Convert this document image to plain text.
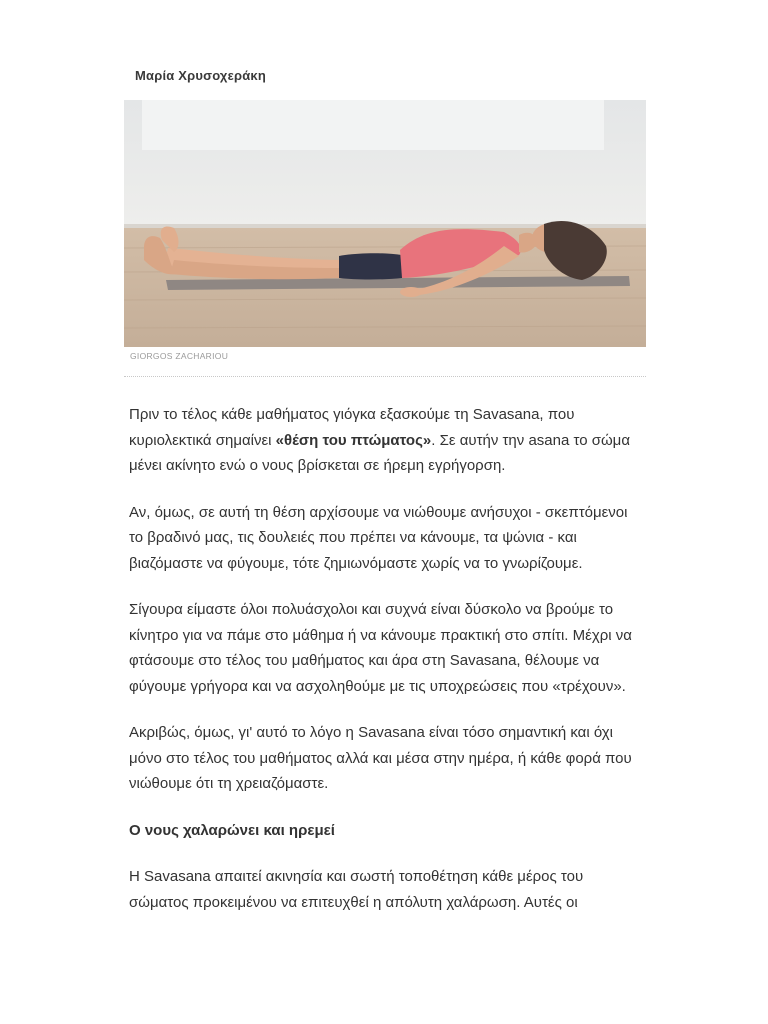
Μαρία Χρυσοχεράκη

GIORGOS ZACHARIOU

Πριν το τέλος κάθε μαθήματος γιόγκα εξασκούμε τη Savasana, που κυριολεκτικά σημαίνει «θέση του πτώματος». Σε αυτήν την asana το σώμα μένει ακίνητο ενώ ο νους βρίσκεται σε ήρεμη εγρήγορση.

Αν, όμως, σε αυτή τη θέση αρχίσουμε να νιώθουμε ανήσυχοι - σκεπτόμενοι το βραδινό μας, τις δουλειές που πρέπει να κάνουμε, τα ψώνια - και βιαζόμαστε να φύγουμε, τότε ζημιωνόμαστε χωρίς να το γνωρίζουμε.

Σίγουρα είμαστε όλοι πολυάσχολοι και συχνά είναι δύσκολο να βρούμε το κίνητρο για να πάμε στο μάθημα ή να κάνουμε πρακτική στο σπίτι. Μέχρι να φτάσουμε στο τέλος του μαθήματος και άρα στη Savasana, θέλουμε να φύγουμε γρήγορα και να ασχοληθούμε με τις υποχρεώσεις που «τρέχουν».

Ακριβώς, όμως, γι' αυτό το λόγο η Savasana είναι τόσο σημαντική και όχι μόνο στο τέλος του μαθήματος αλλά και μέσα στην ημέρα, ή κάθε φορά που νιώθουμε ότι τη χρειαζόμαστε.

Ο νους χαλαρώνει και ηρεμεί

Η Savasana απαιτεί ακινησία και σωστή τοποθέτηση κάθε μέρος του σώματος προκειμένου να επιτευχθεί η απόλυτη χαλάρωση. Αυτές οι
